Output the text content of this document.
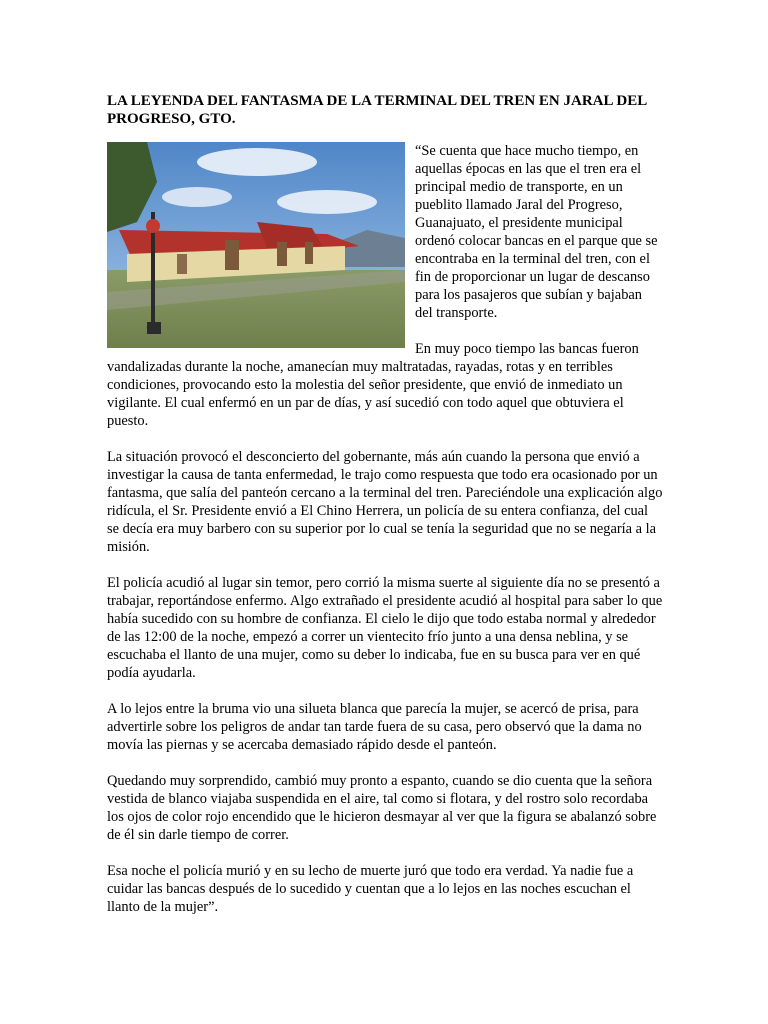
LA LEYENDA DEL FANTASMA DE LA TERMINAL DEL TREN EN JARAL DEL PROGRESO, GTO.

“Se cuenta que hace mucho tiempo, en aquellas épocas en las que el tren era el principal medio de transporte, en un pueblito llamado Jaral del Progreso, Guanajuato, el presidente municipal ordenó colocar bancas en el parque que se encontraba en la terminal del tren, con el fin de proporcionar un lugar de descanso para los pasajeros que subían y bajaban del transporte.

En muy poco tiempo las bancas fueron vandalizadas durante la noche, amanecían muy maltratadas, rayadas, rotas y en terribles condiciones, provocando esto la molestia del señor presidente, que envió de inmediato un vigilante. El cual enfermó en un par de días, y así sucedió con todo aquel que obtuviera el puesto.

La situación provocó el desconcierto del gobernante, más aún cuando la persona que envió a investigar la causa de tanta enfermedad, le trajo como respuesta que todo era ocasionado por un fantasma, que salía del panteón cercano a la terminal del tren. Pareciéndole una explicación algo ridícula, el Sr. Presidente envió a El Chino Herrera, un policía de su entera confianza, del cual se decía era muy barbero con su superior por lo cual se tenía la seguridad que no se negaría a la misión.

El policía acudió al lugar sin temor, pero corrió la misma suerte al siguiente día no se presentó a trabajar, reportándose enfermo. Algo extrañado el presidente acudió al hospital para saber lo que había sucedido con su hombre de confianza. El cielo le dijo que todo estaba normal y alrededor de las 12:00 de la noche, empezó a correr un vientecito frío junto a una densa neblina, y se escuchaba el llanto de una mujer, como su deber lo indicaba, fue en su busca para ver en qué podía ayudarla.

A lo lejos entre la bruma vio una silueta blanca que parecía la mujer, se acercó de prisa, para advertirle sobre los peligros de andar tan tarde fuera de su casa, pero observó que la dama no movía las piernas y se acercaba demasiado rápido desde el panteón.

Quedando muy sorprendido, cambió muy pronto a espanto, cuando se dio cuenta que la señora vestida de blanco viajaba suspendida en el aire, tal como si flotara, y del rostro solo recordaba los ojos de color rojo encendido que le hicieron desmayar al ver que la figura se abalanzó sobre de él sin darle tiempo de correr.

Esa noche el policía murió y en su lecho de muerte juró que todo era verdad. Ya nadie fue a cuidar las bancas después de lo sucedido y cuentan que a lo lejos en las noches escuchan el llanto de la mujer”.
